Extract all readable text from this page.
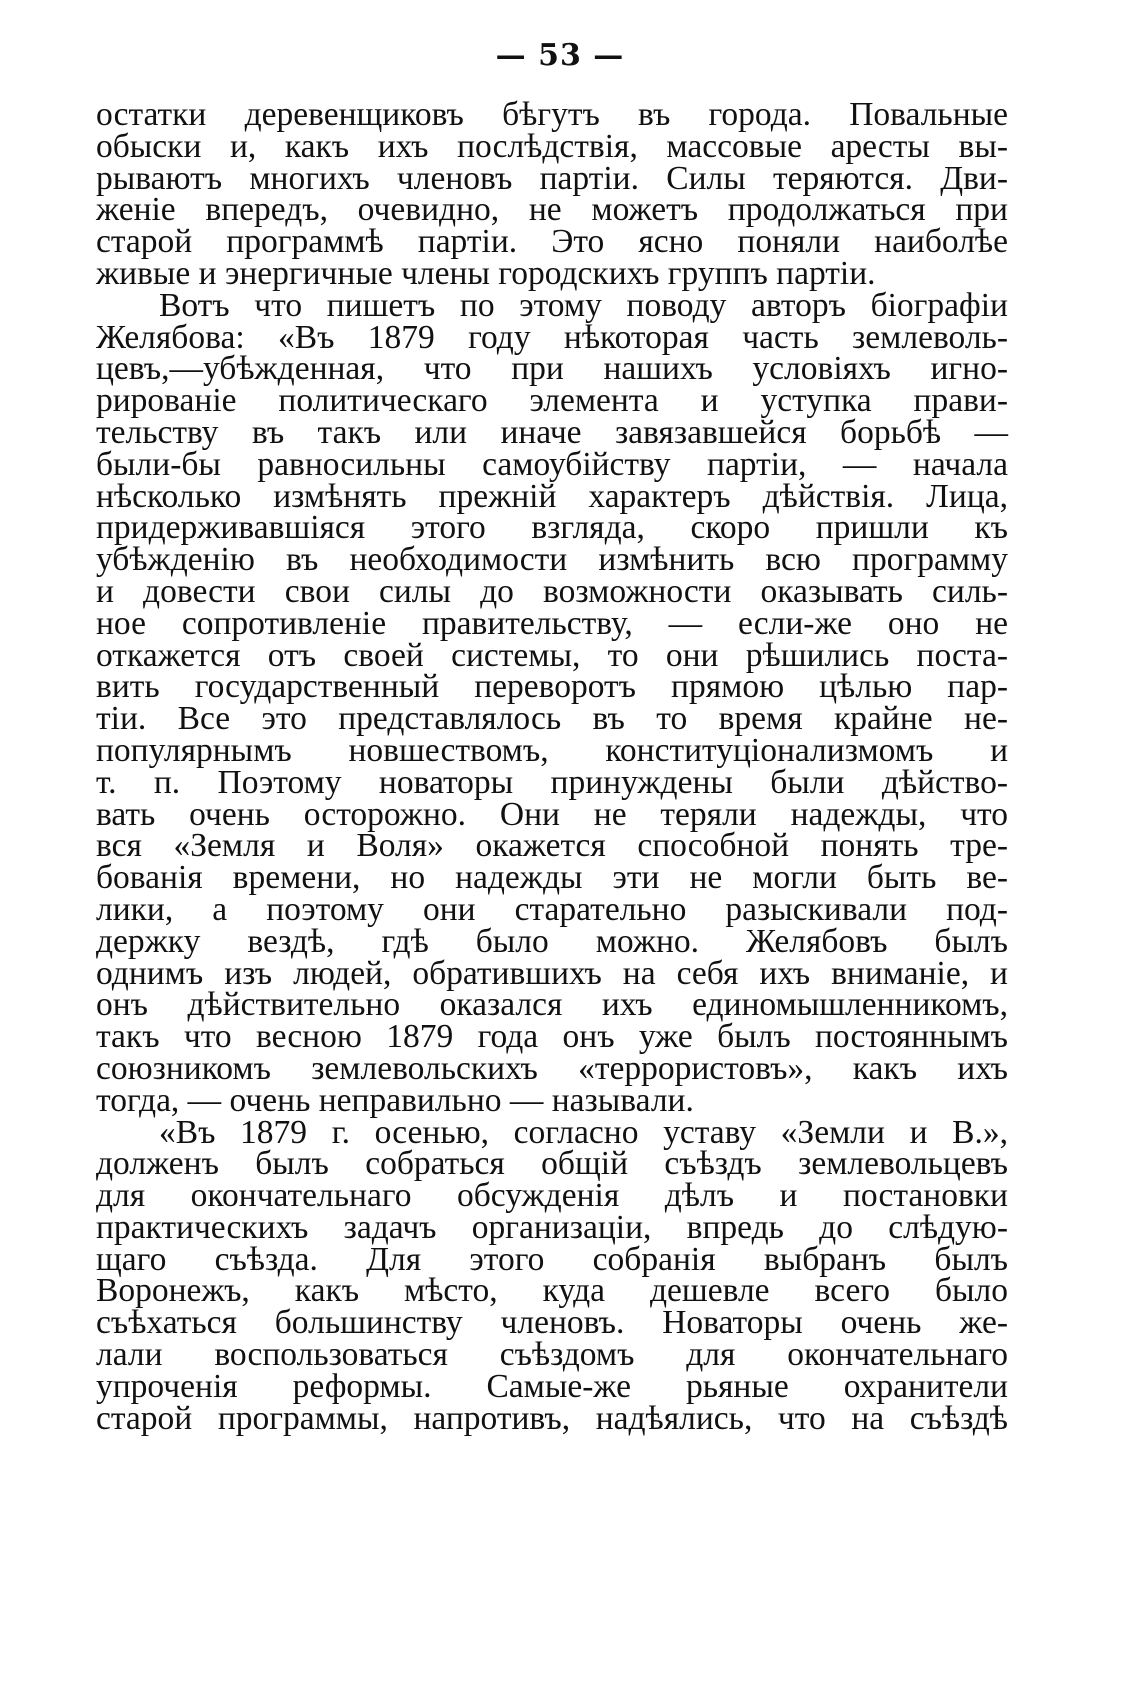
— 53 —
остатки деревенщиковъ бѣгутъ въ города. Повальные
обыски и, какъ ихъ послѣдствія, массовые аресты вы-
рываютъ многихъ членовъ партіи. Силы теряются. Дви-
женіе впередъ, очевидно, не можетъ продолжаться при
старой программѣ партіи. Это ясно поняли наиболѣе
живые и энергичные члены городскихъ группъ партіи.
Вотъ что пишетъ по этому поводу авторъ біографіи
Желябова: «Въ 1879 году нѣкоторая часть землеволь-
цевъ,—убѣжденная, что при нашихъ условіяхъ игно-
рированіе политическаго элемента и уступка прави-
тельству въ такъ или иначе завязавшейся борьбѣ —
были-бы равносильны самоубійству партіи, — начала
нѣсколько измѣнять прежній характеръ дѣйствія. Лица,
придерживавшіяся этого взгляда, скоро пришли къ
убѣжденію въ необходимости измѣнить всю программу
и довести свои силы до возможности оказывать силь-
ное сопротивленіе правительству, — если-же оно не
откажется отъ своей системы, то они рѣшились поста-
вить государственный переворотъ прямою цѣлью пар-
тіи. Все это представлялось въ то время крайне не-
популярнымъ новшествомъ, конституціонализмомъ и
т. п. Поэтому новаторы принуждены были дѣйство-
вать очень осторожно. Они не теряли надежды, что
вся «Земля и Воля» окажется способной понять тре-
бованія времени, но надежды эти не могли быть ве-
лики, а поэтому они старательно разыскивали под-
держку вездѣ, гдѣ было можно. Желябовъ былъ
однимъ изъ людей, обратившихъ на себя ихъ вниманіе, и
онъ дѣйствительно оказался ихъ единомышленникомъ,
такъ что весною 1879 года онъ уже былъ постояннымъ
союзникомъ землевольскихъ «террористовъ», какъ ихъ
тогда, — очень неправильно — называли.
«Въ 1879 г. осенью, согласно уставу «Земли и В.»,
долженъ былъ собраться общій съѣздъ землевольцевъ
для окончательнаго обсужденія дѣлъ и постановки
практическихъ задачъ организаціи, впредь до слѣдую-
щаго съѣзда. Для этого собранія выбранъ былъ
Воронежъ, какъ мѣсто, куда дешевле всего было
съѣхаться большинству членовъ. Новаторы очень же-
лали воспользоваться съѣздомъ для окончательнаго
упроченія реформы. Самые-же рьяные охранители
старой программы, напротивъ, надѣялись, что на съѣздѣ
